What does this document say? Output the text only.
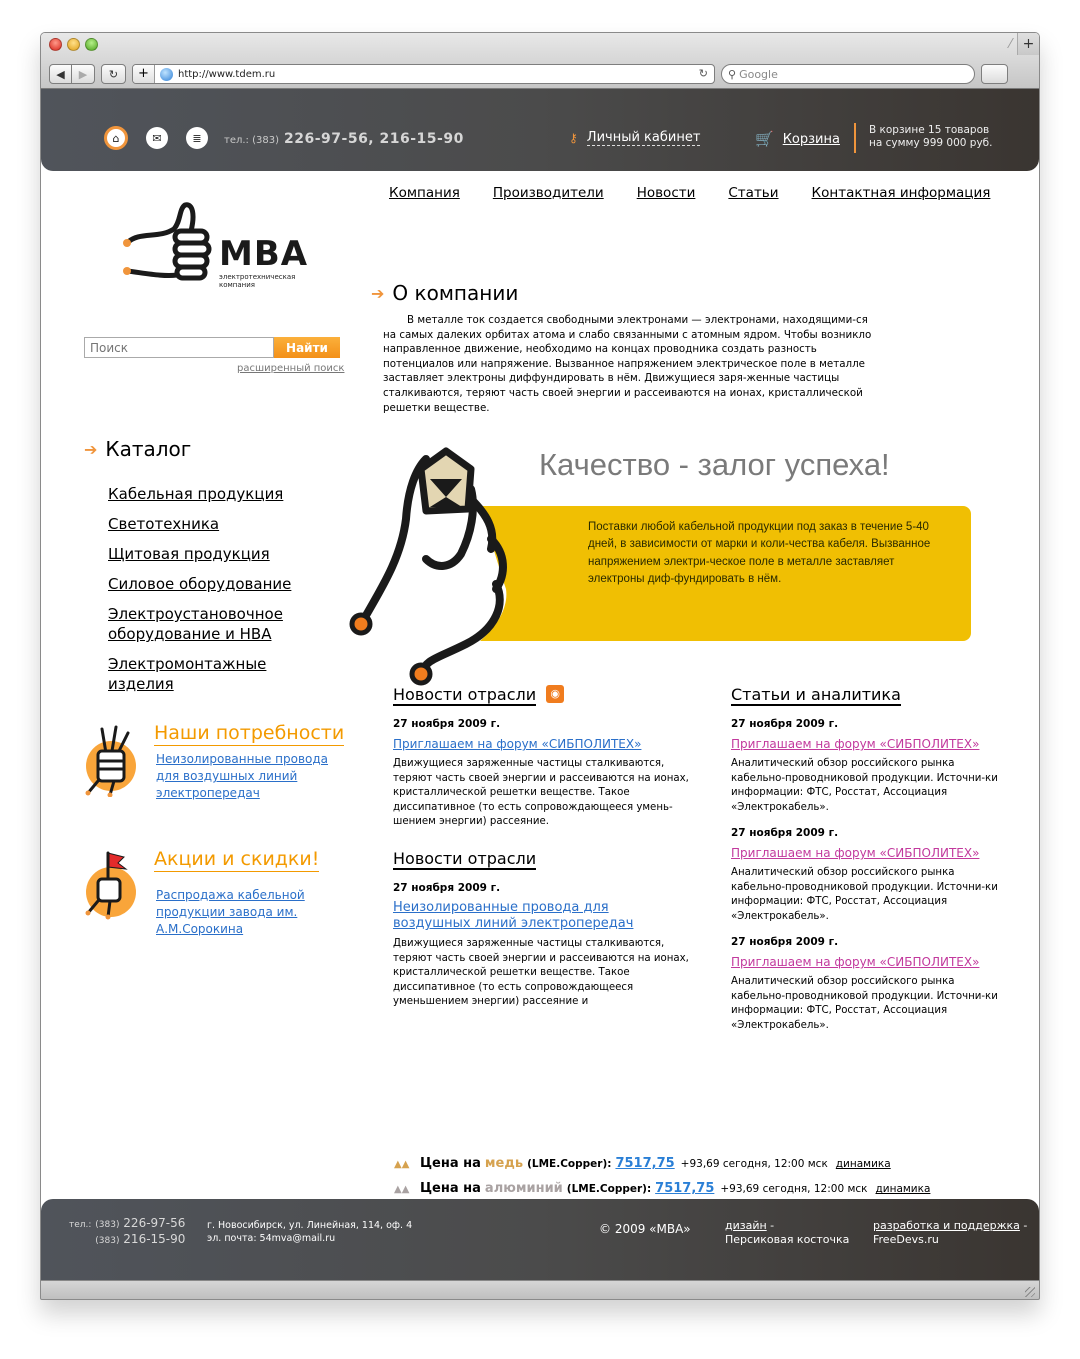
+
◀	▶	↻	+	http://www.tdem.ru	↻ ⚲ Google
⌂	✉	≣	тел.: (383) 226-97-56, 216-15-90	⚷ Личный кабинет	🛒 Корзина
В корзине 15 товаров
на сумму 999 000 руб.
Компания Производители Новости Статьи Контактная информация
МВА
электротехническая
компания
Поиск
Найти
расширенный поиск
➔ Каталог
Кабельная продукция
Светотехника
Щитовая продукция
Силовое оборудование
Электроустановочное оборудование и НВА
Электромонтажные изделия
Наши потребности
Неизолированные провода для воздушных линий электропередач
Акции и скидки!
Распродажа кабельной продукции завода им. А.М.Сорокина
➔ О компании
В металле ток создается свободными электронами — электронами, находящими-ся на самых далеких орбитах атома и слабо связанными с атомным ядром. Чтобы возникло направленное движение, необходимо на концах проводника создать разность потенциалов или напряжение. Вызванное напряжением электрическое поле в металле заставляет электроны диффундировать в нём. Движущиеся заря-женные частицы сталкиваются, теряют часть своей энергии и рассеиваются на ионах, кристаллической решетки веществе.
Качество - залог успеха!
Поставки любой кабельной продукции под заказ в течение 5-40 дней, в зависимости от марки и коли-чества кабеля. Вызванное напряжением электри-ческое поле в металле заставляет электроны диф-фундировать в нём.
Новости отрасли ◉
27 ноября 2009 г.
Приглашаем на форум «СИБПОЛИТЕХ»
Движущиеся заряженные частицы сталкиваются, теряют часть своей энергии и рассеиваются на ионах, кристаллической решетки веществе. Такое диссипативное (то есть сопровождающееся умень-шением энергии) рассеяние.
Новости отрасли
27 ноября 2009 г.
Неизолированные провода для воздушных линий электропередач
Движущиеся заряженные частицы сталкиваются, теряют часть своей энергии и рассеиваются на ионах, кристаллической решетки веществе. Такое диссипативное (то есть сопровождающееся уменьшением энергии) рассеяние и
Статьи и аналитика
27 ноября 2009 г.
Приглашаем на форум «СИБПОЛИТЕХ»
Аналитический обзор российского рынка кабельно-проводниковой продукции. Источни-ки информации: ФТС, Росстат, Ассоциация «Электрокабель».
27 ноября 2009 г.
Приглашаем на форум «СИБПОЛИТЕХ»
Аналитический обзор российского рынка кабельно-проводниковой продукции. Источни-ки информации: ФТС, Росстат, Ассоциация «Электрокабель».
27 ноября 2009 г.
Приглашаем на форум «СИБПОЛИТЕХ»
Аналитический обзор российского рынка кабельно-проводниковой продукции. Источни-ки информации: ФТС, Росстат, Ассоциация «Электрокабель».
▲▲ Цена на медь (LME.Copper): 7517,75 +93,69 сегодня, 12:00 мск динамика
▲▲ Цена на алюминий (LME.Copper): 7517,75 +93,69 сегодня, 12:00 мск динамика
тел.: (383) 226-97-56
(383) 216-15-90
г. Новосибирск, ул. Линейная, 114, оф. 4
эл. почта: 54mva@mail.ru
© 2009 «МВА»	дизайн -
Персиковая косточка
разработка и поддержка -
FreeDevs.ru
